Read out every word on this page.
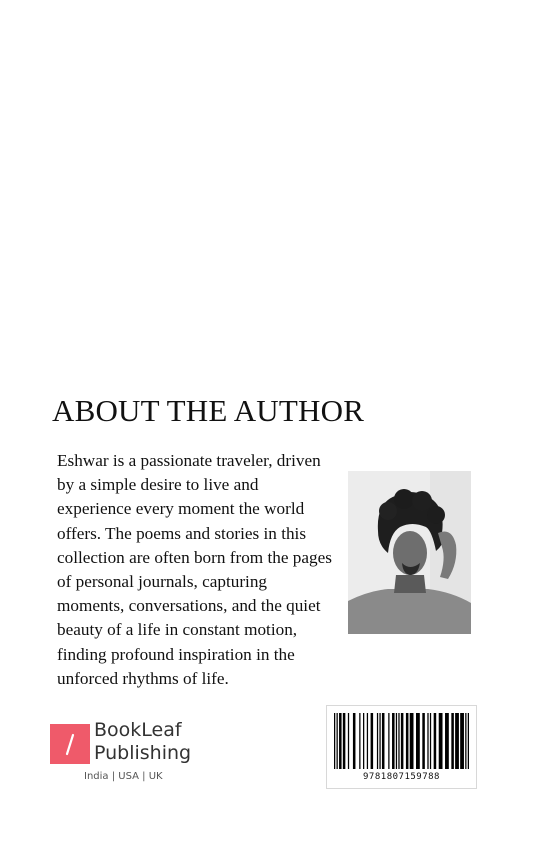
ABOUT THE AUTHOR

Eshwar is a passionate traveler, driven by a simple desire to live and experience every moment the world offers. The poems and stories in this collection are often born from the pages of personal journals, capturing moments, conversations, and the quiet beauty of a life in constant motion, finding profound inspiration in the unforced rhythms of life.

BookLeaf
Publishing
India | USA | UK	9781807159788
